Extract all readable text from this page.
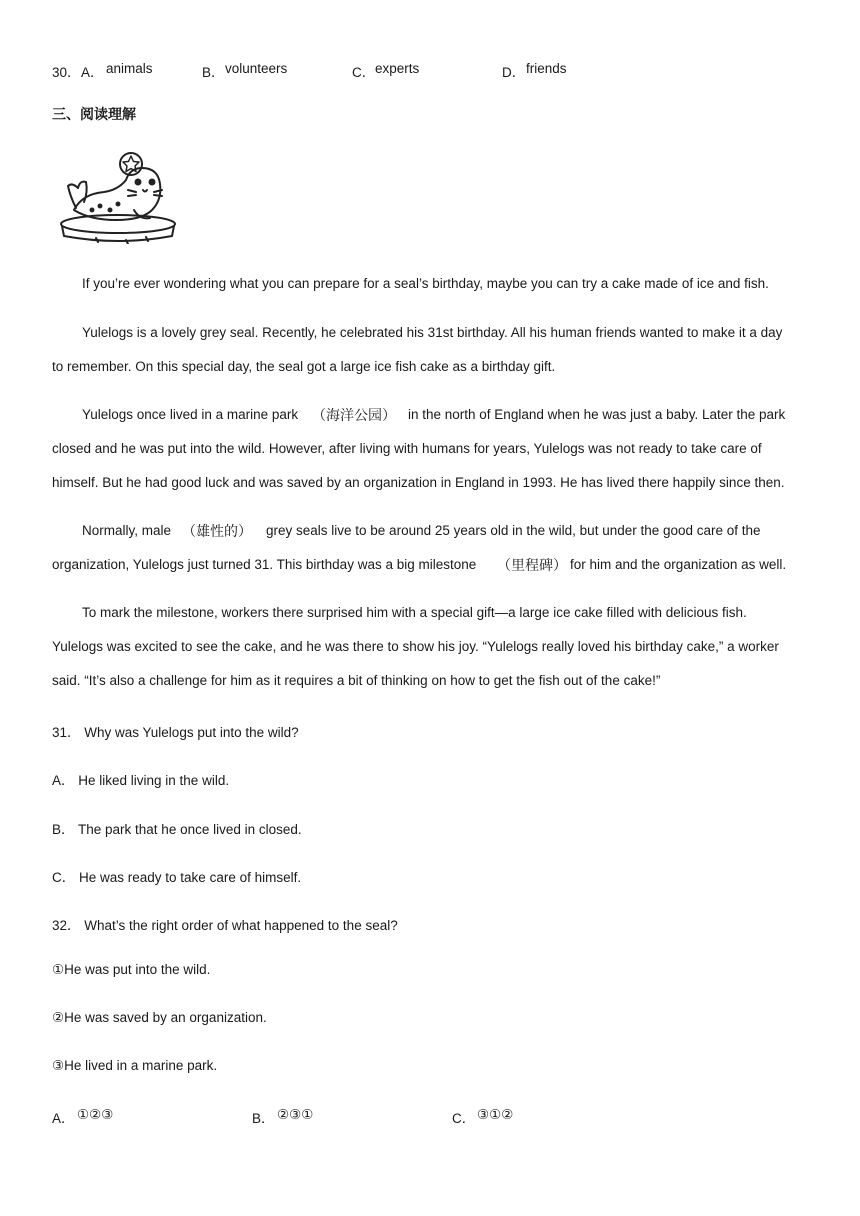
30． A． animals	B． volunteers	C． experts	D． friends
三、阅读理解
If you’re ever wondering what you can prepare for a seal’s birthday, maybe you can try a cake made of ice and fish.
Yulelogs is a lovely grey seal. Recently, he celebrated his 31st birthday. All his human friends wanted to make it a day
to remember. On this special day, the seal got a large ice fish cake as a birthday gift.
Yulelogs once lived in a marine park （海洋公园） in the north of England when he was just a baby. Later the park
closed and he was put into the wild. However, after living with humans for years, Yulelogs was not ready to take care of
himself. But he had good luck and was saved by an organization in England in 1993. He has lived there happily since then.
Normally, male （雄性的） grey seals live to be around 25 years old in the wild, but under the good care of the
organization, Yulelogs just turned 31. This birthday was a big milestone （里程碑） for him and the organization as well.
To mark the milestone, workers there surprised him with a special gift—a large ice cake filled with delicious fish.
Yulelogs was excited to see the cake, and he was there to show his joy. “Yulelogs really loved his birthday cake,” a worker
said. “It’s also a challenge for him as it requires a bit of thinking on how to get the fish out of the cake!”
31． Why was Yulelogs put into the wild?
A． He liked living in the wild.
B． The park that he once lived in closed.
C． He was ready to take care of himself.
32． What’s the right order of what happened to the seal?
①He was put into the wild.
②He was saved by an organization.
③He lived in a marine park.
A． ①②③	B． ②③①	C． ③①②
